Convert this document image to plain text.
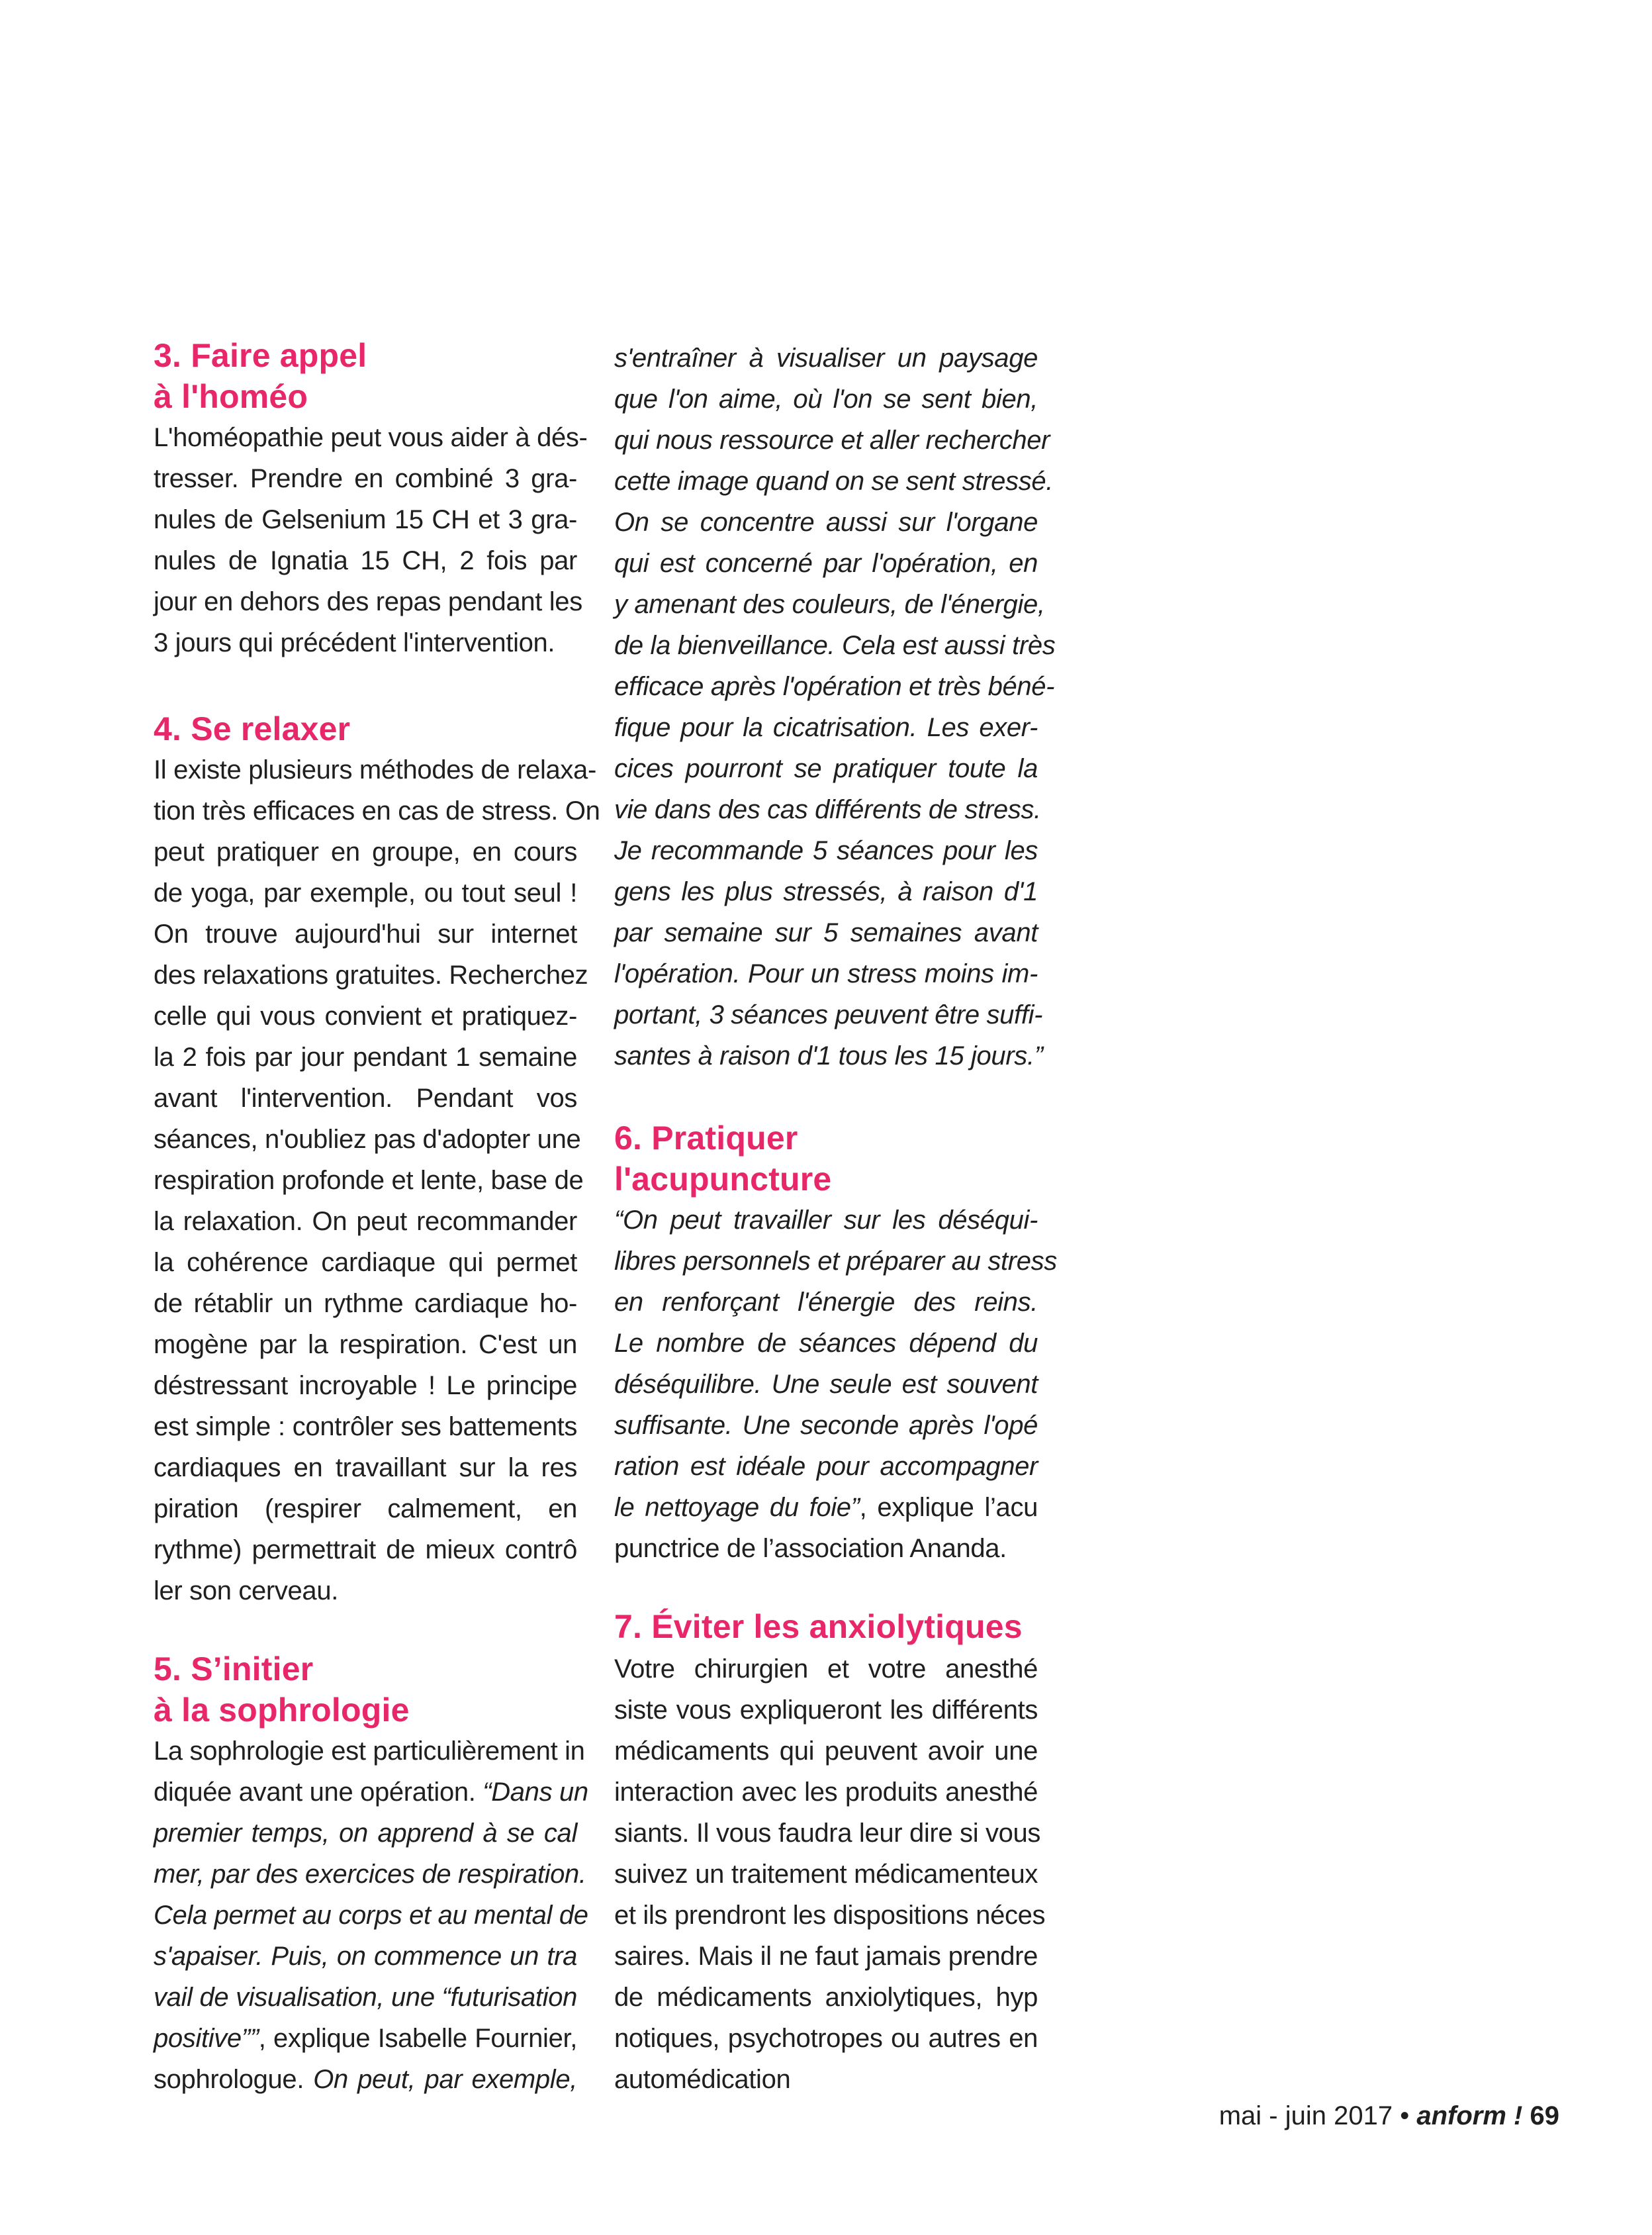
3. Faire appel
à l'homéo
L'homéopathie peut vous aider à dés-
tresser. Prendre en combiné 3 gra-
nules de Gelsenium 15 CH et 3 gra-
nules de Ignatia 15 CH, 2 fois par
jour en dehors des repas pendant les
3 jours qui précédent l'intervention.
4. Se relaxer
Il existe plusieurs méthodes de relaxa-
tion très efficaces en cas de stress. On
peut pratiquer en groupe, en cours
de yoga, par exemple, ou tout seul !
On trouve aujourd'hui sur internet
des relaxations gratuites. Recherchez
celle qui vous convient et pratiquez-
la 2 fois par jour pendant 1 semaine
avant l'intervention. Pendant vos
séances, n'oubliez pas d'adopter une
respiration profonde et lente, base de
la relaxation. On peut recommander
la cohérence cardiaque qui permet
de rétablir un rythme cardiaque ho-
mogène par la respiration. C'est un
déstressant incroyable ! Le principe
est simple : contrôler ses battements
cardiaques en travaillant sur la res
piration (respirer calmement, en
rythme) permettrait de mieux contrô
ler son cerveau.
5. S’initier
à la sophrologie
La sophrologie est particulièrement in
diquée avant une opération. “Dans un
premier temps, on apprend à se cal
mer, par des exercices de respiration.
Cela permet au corps et au mental de
s'apaiser. Puis, on commence un tra
vail de visualisation, une “futurisation
positive””, explique Isabelle Fournier,
sophrologue. On peut, par exemple,
s'entraîner à visualiser un paysage
que l'on aime, où l'on se sent bien,
qui nous ressource et aller rechercher
cette image quand on se sent stressé.
On se concentre aussi sur l'organe
qui est concerné par l'opération, en
y amenant des couleurs, de l'énergie,
de la bienveillance. Cela est aussi très
efficace après l'opération et très béné-
fique pour la cicatrisation. Les exer-
cices pourront se pratiquer toute la
vie dans des cas différents de stress.
Je recommande 5 séances pour les
gens les plus stressés, à raison d'1
par semaine sur 5 semaines avant
l'opération. Pour un stress moins im-
portant, 3 séances peuvent être suffi-
santes à raison d'1 tous les 15 jours.”
6. Pratiquer
l'acupuncture
“On peut travailler sur les déséqui-
libres personnels et préparer au stress
en renforçant l'énergie des reins.
Le nombre de séances dépend du
déséquilibre. Une seule est souvent
suffisante. Une seconde après l'opé
ration est idéale pour accompagner
le nettoyage du foie”, explique l’acu
punctrice de l’association Ananda.
7. Éviter les anxiolytiques
Votre chirurgien et votre anesthé
siste vous expliqueront les différents
médicaments qui peuvent avoir une
interaction avec les produits anesthé
siants. Il vous faudra leur dire si vous
suivez un traitement médicamenteux
et ils prendront les dispositions néces
saires. Mais il ne faut jamais prendre
de médicaments anxiolytiques, hyp
notiques, psychotropes ou autres en
automédication
mai - juin 2017 • anform ! 69
